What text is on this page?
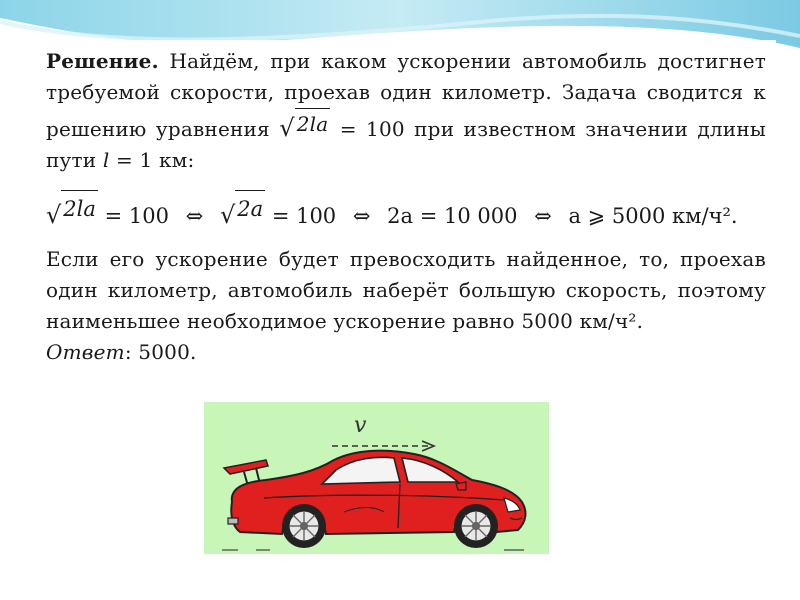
Решение. Найдём, при каком ускорении автомобиль достигнет требуемой скорости, проехав один километр. Задача сводится к решению уравнения √ 2la = 100 при известном значении длины пути l = 1 км:

√ 2la = 100 ⇔ √ 2a = 100 ⇔ 2a = 10 000 ⇔ a ⩾ 5000 км/ч².

Если его ускорение будет превосходить найденное, то, проехав один километр, автомобиль наберёт большую скорость, поэтому наименьшее необходимое ускорение равно 5000 км/ч².

Ответ: 5000.

v
